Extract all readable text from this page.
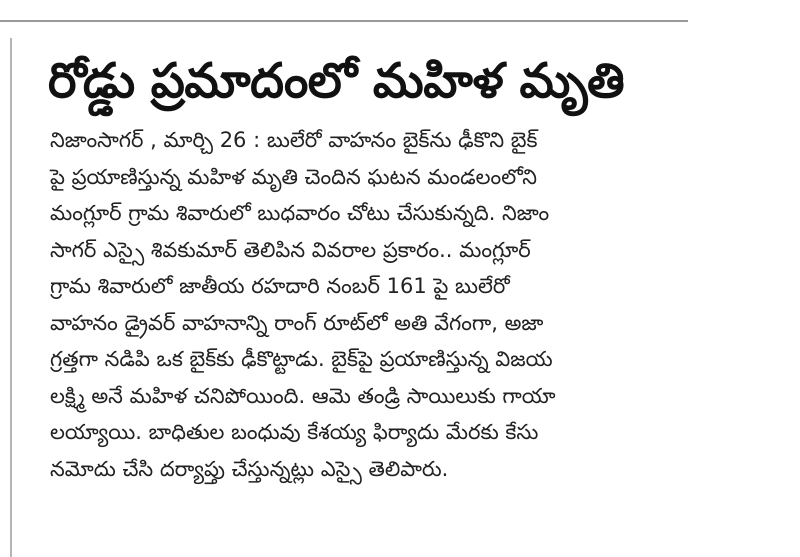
రోడ్డు ప్రమాదంలో మహిళ మృతి

నిజాంసాగర్ , మార్చి 26 : బులేరో వాహనం బైక్‌ను ఢీకొని బైక్
పై ప్రయాణిస్తున్న మహిళ మృతి చెందిన ఘటన మండలంలోని
మంగ్లూర్ గ్రామ శివారులో బుధవారం చోటు చేసుకున్నది. నిజాం
సాగర్ ఎస్సై శివకుమార్ తెలిపిన వివరాల ప్రకారం.. మంగ్లూర్
గ్రామ శివారులో జాతీయ రహదారి నంబర్ 161 పై బులేరో
వాహనం డ్రైవర్ వాహనాన్ని రాంగ్ రూట్‌లో అతి వేగంగా, అజా
గ్రత్తగా నడిపి ఒక బైక్‌కు ఢీకొట్టాడు. బైక్‌పై ప్రయాణిస్తున్న విజయ
లక్ష్మి అనే మహిళ చనిపోయింది. ఆమె తండ్రి సాయిలుకు గాయా
లయ్యాయి. బాధితుల బంధువు కేశయ్య ఫిర్యాదు మేరకు కేసు
నమోదు చేసి దర్యాప్తు చేస్తున్నట్లు ఎస్సై తెలిపారు.
